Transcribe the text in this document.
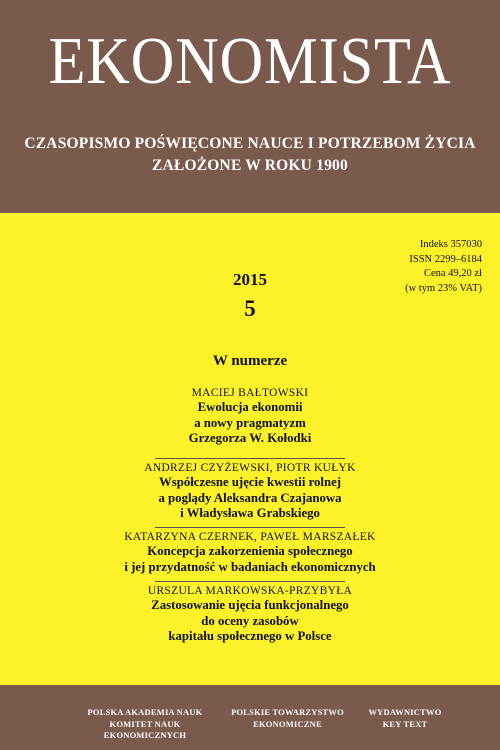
EKONOMISTA
CZASOPISMO POŚWIĘCONE NAUCE I POTRZEBOM ŻYCIA
ZAŁOŻONE W ROKU 1900
Indeks 357030
ISSN 2299–6184
Cena 49,20 zł
(w tym 23% VAT)
2015
5
W numerze
MACIEJ BAŁTOWSKI
Ewolucja ekonomii
a nowy pragmatyzm
Grzegorza W. Kołodki
ANDRZEJ CZYŻEWSKI, PIOTR KUŁYK
Współczesne ujęcie kwestii rolnej
a poglądy Aleksandra Czajanowa
i Władysława Grabskiego
KATARZYNA CZERNEK, PAWEŁ MARSZAŁEK
Koncepcja zakorzenienia społecznego
i jej przydatność w badaniach ekonomicznych
URSZULA MARKOWSKA-PRZYBYŁA
Zastosowanie ujęcia funkcjonalnego
do oceny zasobów
kapitału społecznego w Polsce
POLSKA AKADEMIA NAUK
KOMITET NAUK EKONOMICZNYCH
POLSKIE TOWARZYSTWO
EKONOMICZNE
WYDAWNICTWO
KEY TEXT
